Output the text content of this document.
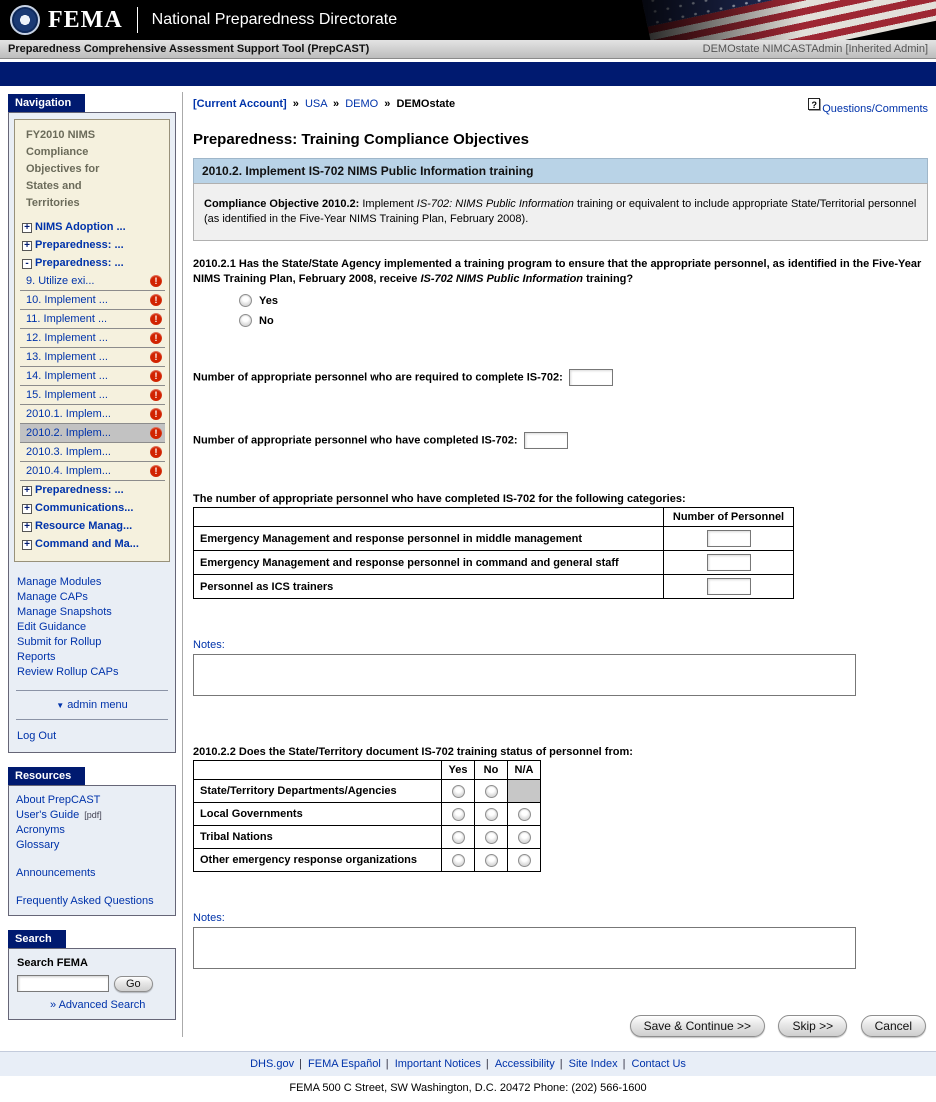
FEMA National Preparedness Directorate
Preparedness Comprehensive Assessment Support Tool (PrepCAST)	DEMOstate NIMCASTAdmin [Inherited Admin]
Navigation
FY2010 NIMS Compliance Objectives for States and Territories
+ NIMS Adoption ...
+ Preparedness: ...
- Preparedness: ...
9. Utilize exi...	!
10. Implement ...	!
11. Implement ...	!
12. Implement ...	!
13. Implement ...	!
14. Implement ...	!
15. Implement ...	!
2010.1. Implem...	!
2010.2. Implem...	!
2010.3. Implem...	!
2010.4. Implem...	!
+ Preparedness: ...
+ Communications...
+ Resource Manag...
+ Command and Ma...
Manage Modules
Manage CAPs
Manage Snapshots
Edit Guidance
Submit for Rollup
Reports
Review Rollup CAPs
▼ admin menu
Log Out
Resources
About PrepCAST
User's Guide [pdf]
Acronyms
Glossary
Announcements
Frequently Asked Questions
Search
Search FEMA
Go
» Advanced Search
[Current Account] » USA » DEMO » DEMOstate	? Questions/Comments
Preparedness: Training Compliance Objectives
2010.2. Implement IS-702 NIMS Public Information training
Compliance Objective 2010.2: Implement IS-702: NIMS Public Information training or equivalent to include appropriate State/Territorial personnel (as identified in the Five-Year NIMS Training Plan, February 2008).
2010.2.1 Has the State/State Agency implemented a training program to ensure that the appropriate personnel, as identified in the Five-Year NIMS Training Plan, February 2008, receive IS-702 NIMS Public Information training?
Yes
No
Number of appropriate personnel who are required to complete IS-702:
Number of appropriate personnel who have completed IS-702:
The number of appropriate personnel who have completed IS-702 for the following categories:
	Number of Personnel
Emergency Management and response personnel in middle management	
Emergency Management and response personnel in command and general staff	
Personnel as ICS trainers	
Notes:
2010.2.2 Does the State/Territory document IS-702 training status of personnel from:
	Yes	No	N/A
State/Territory Departments/Agencies			
Local Governments			
Tribal Nations			
Other emergency response organizations			
Notes:
Save & Continue >>	Skip >>	Cancel
DHS.gov | FEMA Español | Important Notices | Accessibility | Site Index | Contact Us
FEMA 500 C Street, SW Washington, D.C. 20472 Phone: (202) 566-1600
